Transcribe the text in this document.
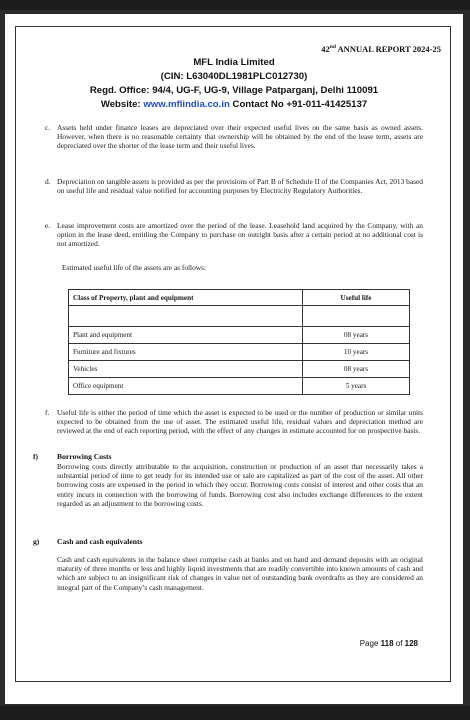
42nd ANNUAL REPORT 2024-25
MFL India Limited
(CIN: L63040DL1981PLC012730)
Regd. Office: 94/4, UG-F, UG-9, Village Patparganj, Delhi 110091
Website: www.mflindia.co.in Contact No +91-011-41425137
c. Assets held under finance leases are depreciated over their expected useful lives on the same basis as owned assets. However, when there is no reasonable certainty that ownership will be obtained by the end of the lease term, assets are depreciated over the shorter of the lease term and their useful lives.
d. Depreciation on tangible assets is provided as per the provisions of Part B of Schedule II of the Companies Act, 2013 based on useful life and residual value notified for accounting purposes by Electricity Regulatory Authorities.
e. Lease improvement costs are amortized over the period of the lease. Leasehold land acquired by the Company, with an option in the lease deed, entitling the Company to purchase on outright basis after a certain period at no additional cost is not amortized.
Estimated useful life of the assets are as follows:
Class of Property, plant and equipment	Useful life

Plant and equipment	08 years
Furniture and fixtures	10 years
Vehicles	08 years
Office equipment	5 years
f. Useful life is either the period of time which the asset is expected to be used or the number of production or similar units expected to be obtained from the use of asset. The estimated useful life, residual values and depreciation method are reviewed at the end of each reporting period, with the effect of any changes in estimate accounted for on prospective basis.
f) Borrowing Costs
Borrowing costs directly attributable to the acquisition, construction or production of an asset that necessarily takes a substantial period of time to get ready for its intended use or sale are capitalized as part of the cost of the asset. All other borrowing costs are expensed in the period in which they occur. Borrowing costs consist of interest and other costs that an entity incurs in connection with the borrowing of funds. Borrowing cost also includes exchange differences to the extent regarded as an adjustment to the borrowing costs.
g) Cash and cash equivalents
Cash and cash equivalents in the balance sheet comprise cash at banks and on hand and demand deposits with an original maturity of three months or less and highly liquid investments that are readily convertible into known amounts of cash and which are subject to an insignificant risk of changes in value net of outstanding bank overdrafts as they are considered an integral part of the Company’s cash management.
Page 118 of 128
